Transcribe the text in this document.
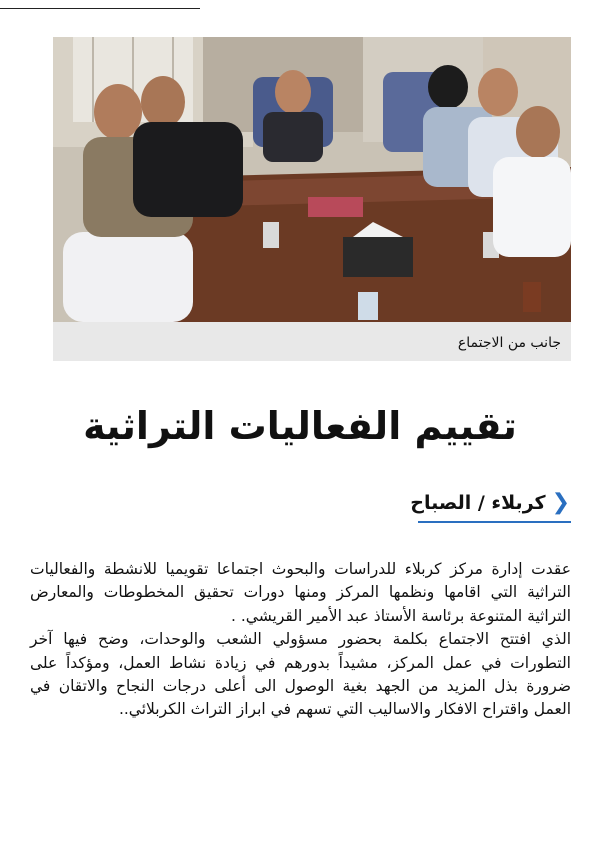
جانب من الاجتماع
تقييم الفعاليات التراثية
❮
كربلاء / الصباح

عقدت إدارة مركز كربلاء للدراسات والبحوث اجتماعا تقويميا للانشطة والفعاليات التراثية التي اقامها ونظمها المركز ومنها دورات تحقيق المخطوطات والمعارض التراثية المتنوعة برئاسة الأستاذ عبد الأمير القريشي. .

الذي افتتح الاجتماع بكلمة بحضور مسؤولي الشعب والوحدات، وضح فيها آخر التطورات في عمل المركز، مشيداً بدورهم في زيادة نشاط العمل، ومؤكداً على ضرورة بذل المزيد من الجهد بغية الوصول الى أعلى درجات النجاح والاتقان في العمل واقتراح الافكار والاساليب التي تسهم في ابراز التراث الكربلائي..
